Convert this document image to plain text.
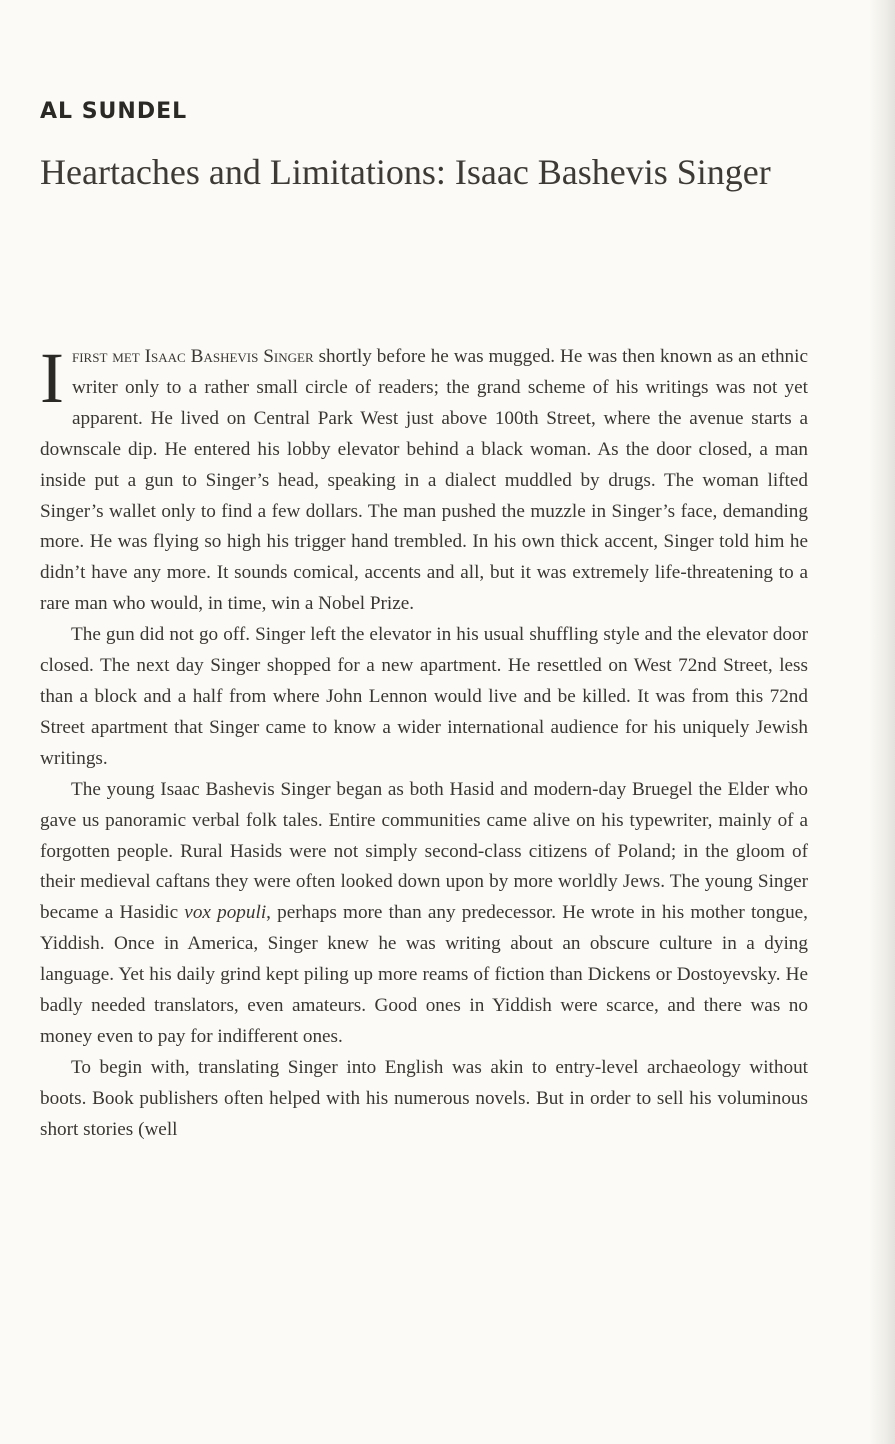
AL SUNDEL
Heartaches and Limitations: Isaac Bashevis Singer

Ifirst met Isaac Bashevis Singer shortly before he was mugged. He was then known as an ethnic writer only to a rather small circle of readers; the grand scheme of his writings was not yet apparent. He lived on Central Park West just above 100th Street, where the avenue starts a downscale dip. He entered his lobby elevator behind a black woman. As the door closed, a man inside put a gun to Singer’s head, speaking in a dialect muddled by drugs. The woman lifted Singer’s wallet only to find a few dollars. The man pushed the muzzle in Singer’s face, demanding more. He was flying so high his trigger hand trembled. In his own thick accent, Singer told him he didn’t have any more. It sounds comical, accents and all, but it was extremely life-threatening to a rare man who would, in time, win a Nobel Prize.

The gun did not go off. Singer left the elevator in his usual shuffling style and the elevator door closed. The next day Singer shopped for a new apartment. He resettled on West 72nd Street, less than a block and a half from where John Lennon would live and be killed. It was from this 72nd Street apartment that Singer came to know a wider international audience for his uniquely Jewish writings.

The young Isaac Bashevis Singer began as both Hasid and modern-day Bruegel the Elder who gave us panoramic verbal folk tales. Entire communities came alive on his typewriter, mainly of a forgotten people. Rural Hasids were not simply second-class citizens of Poland; in the gloom of their medieval caftans they were often looked down upon by more worldly Jews. The young Singer became a Hasidic vox populi, perhaps more than any predecessor. He wrote in his mother tongue, Yiddish. Once in America, Singer knew he was writing about an obscure culture in a dying language. Yet his daily grind kept piling up more reams of fiction than Dickens or Dostoyevsky. He badly needed translators, even amateurs. Good ones in Yiddish were scarce, and there was no money even to pay for indifferent ones.

To begin with, translating Singer into English was akin to entry-level archaeology without boots. Book publishers often helped with his numerous novels. But in order to sell his voluminous short stories (well
